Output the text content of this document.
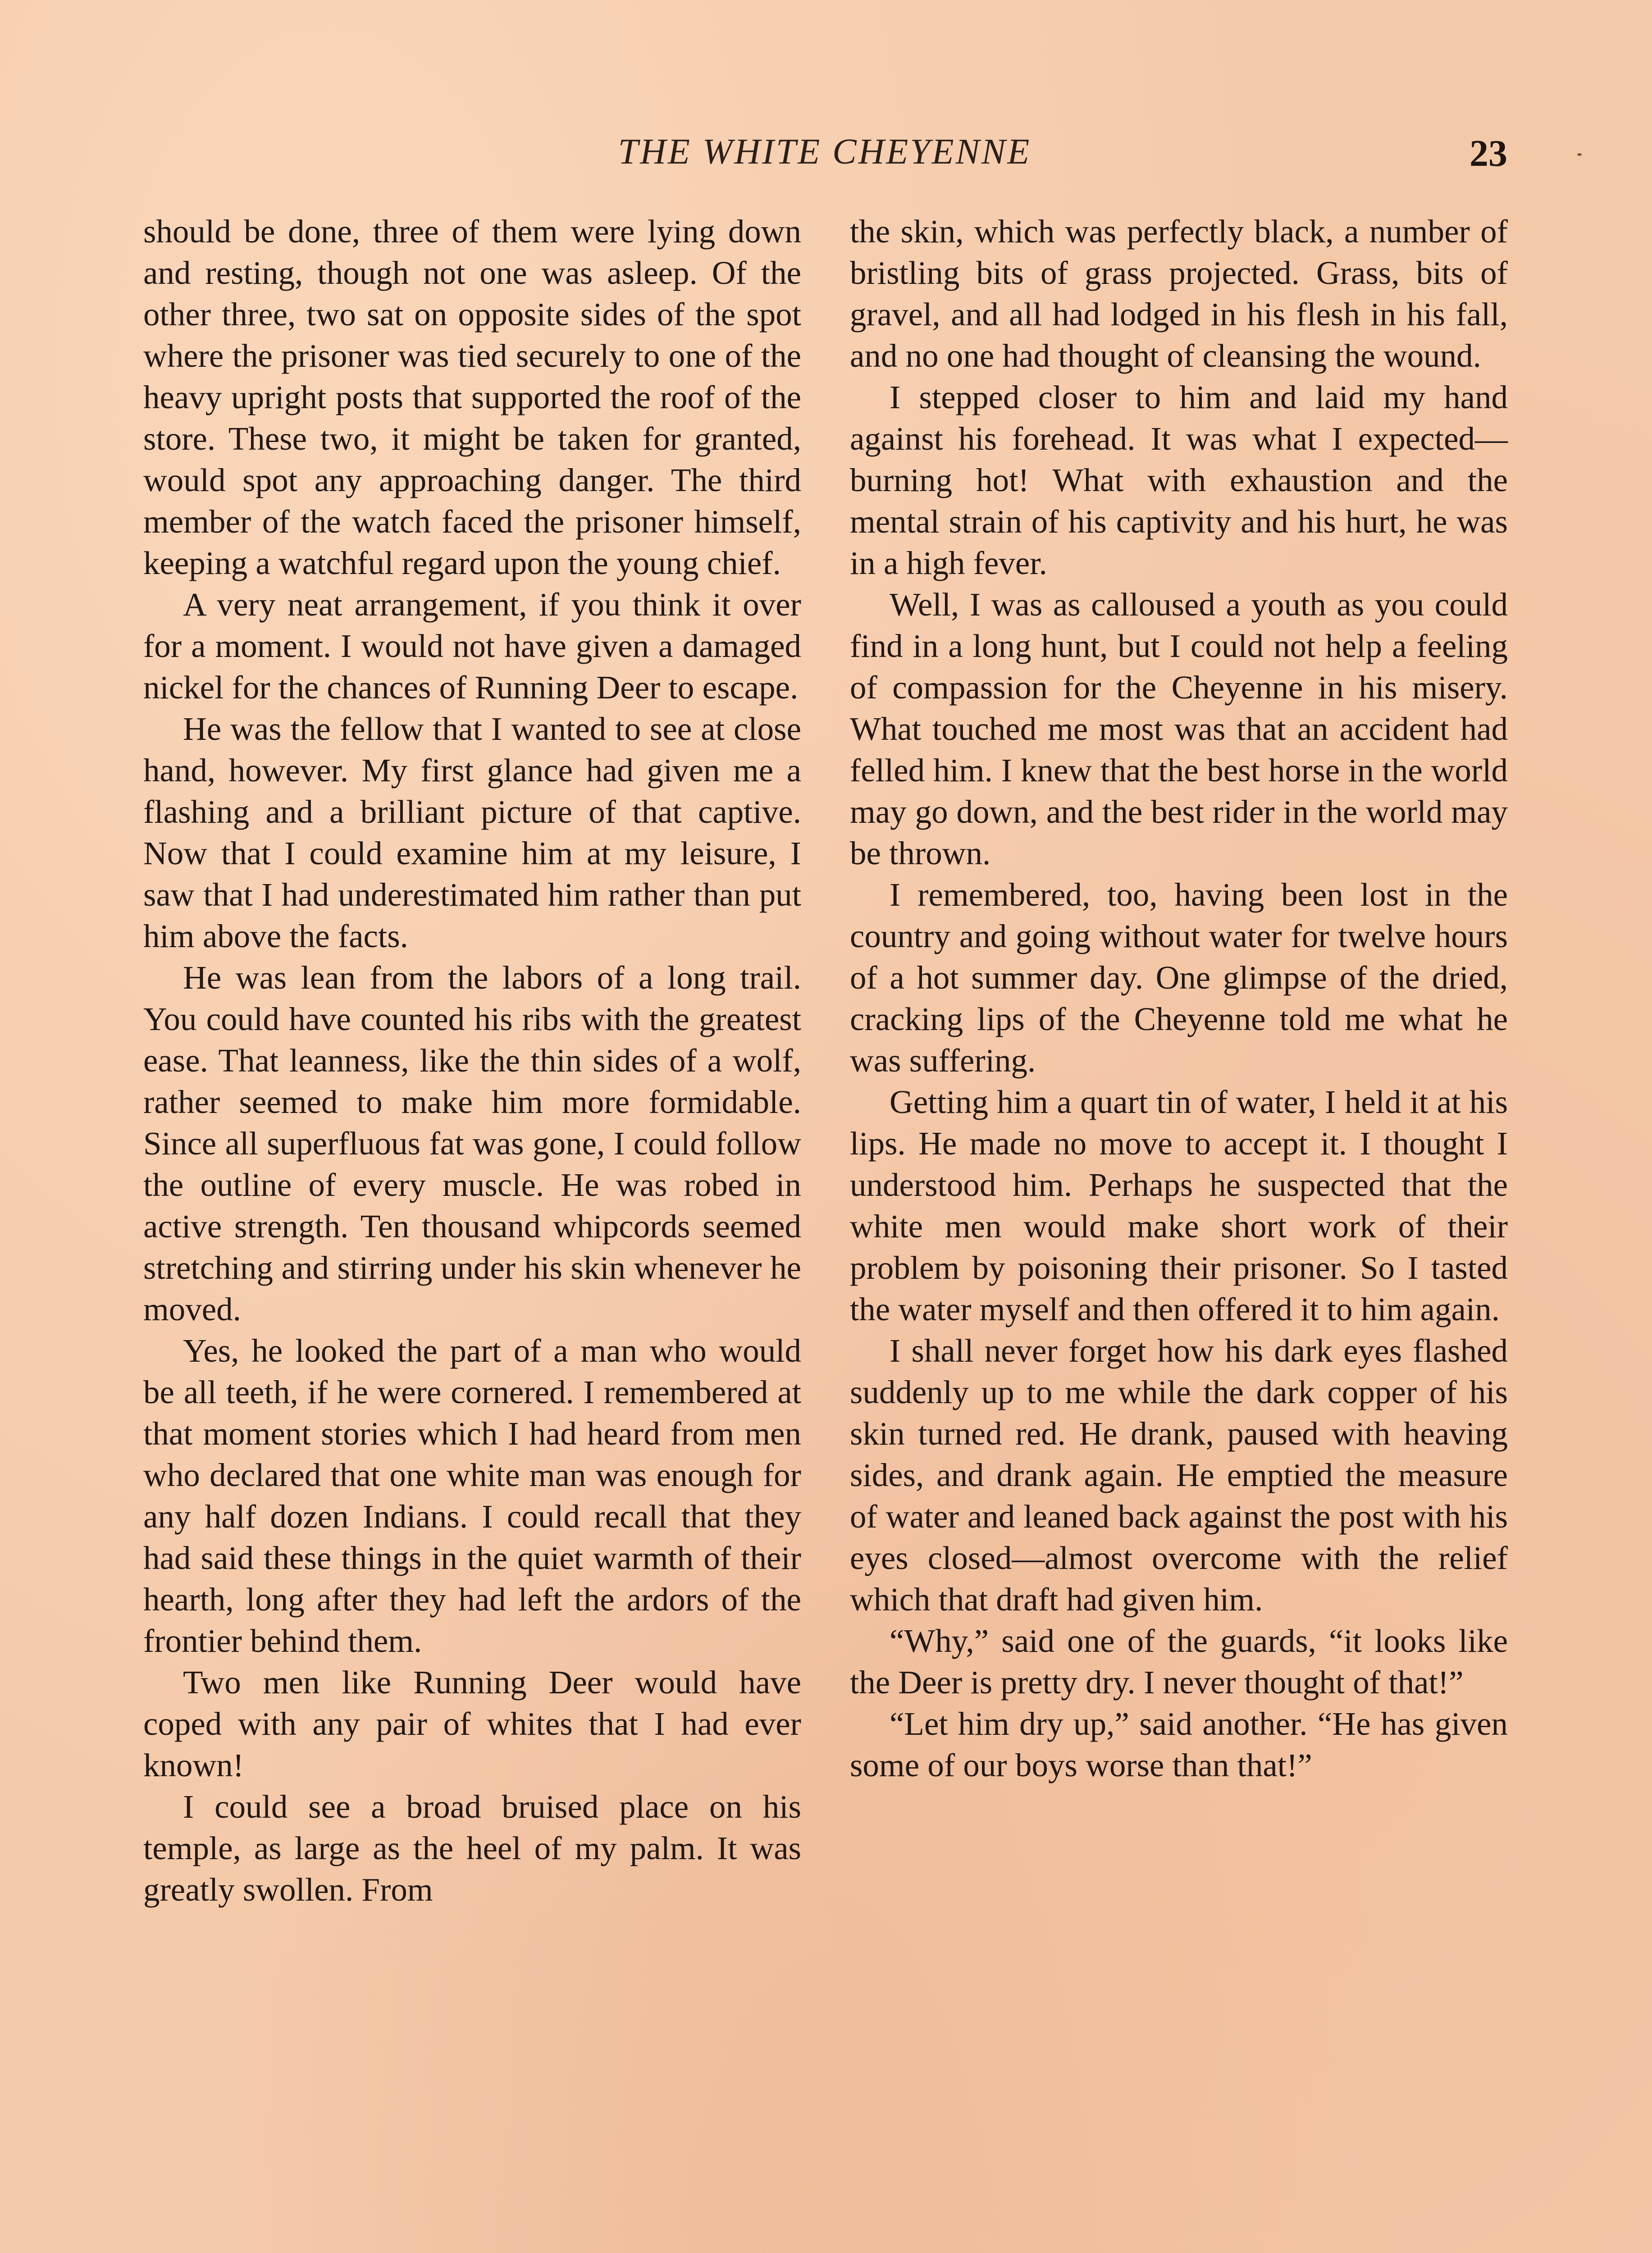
THE WHITE CHEYENNE	23

should be done, three of them were lying down and resting, though not one was asleep. Of the other three, two sat on opposite sides of the spot where the prisoner was tied securely to one of the heavy upright posts that supported the roof of the store. These two, it might be taken for granted, would spot any approaching danger. The third member of the watch faced the prisoner himself, keeping a watchful regard upon the young chief.

A very neat arrangement, if you think it over for a moment. I would not have given a damaged nickel for the chances of Running Deer to escape.

He was the fellow that I wanted to see at close hand, however. My first glance had given me a flashing and a brilliant picture of that captive. Now that I could examine him at my leisure, I saw that I had underestimated him rather than put him above the facts.

He was lean from the labors of a long trail. You could have counted his ribs with the greatest ease. That leanness, like the thin sides of a wolf, rather seemed to make him more formidable. Since all superfluous fat was gone, I could follow the outline of every muscle. He was robed in active strength. Ten thousand whipcords seemed stretching and stirring under his skin whenever he moved.

Yes, he looked the part of a man who would be all teeth, if he were cornered. I remembered at that moment stories which I had heard from men who declared that one white man was enough for any half dozen Indians. I could recall that they had said these things in the quiet warmth of their hearth, long after they had left the ardors of the frontier behind them.

Two men like Running Deer would have coped with any pair of whites that I had ever known!

I could see a broad bruised place on his temple, as large as the heel of my palm. It was greatly swollen. From

the skin, which was perfectly black, a number of bristling bits of grass projected. Grass, bits of gravel, and all had lodged in his flesh in his fall, and no one had thought of cleansing the wound.

I stepped closer to him and laid my hand against his forehead. It was what I expected—burning hot! What with exhaustion and the mental strain of his captivity and his hurt, he was in a high fever.

Well, I was as calloused a youth as you could find in a long hunt, but I could not help a feeling of compassion for the Cheyenne in his misery. What touched me most was that an accident had felled him. I knew that the best horse in the world may go down, and the best rider in the world may be thrown.

I remembered, too, having been lost in the country and going without water for twelve hours of a hot summer day. One glimpse of the dried, cracking lips of the Cheyenne told me what he was suffering.

Getting him a quart tin of water, I held it at his lips. He made no move to accept it. I thought I understood him. Perhaps he suspected that the white men would make short work of their problem by poisoning their prisoner. So I tasted the water myself and then offered it to him again.

I shall never forget how his dark eyes flashed suddenly up to me while the dark copper of his skin turned red. He drank, paused with heaving sides, and drank again. He emptied the measure of water and leaned back against the post with his eyes closed—almost overcome with the relief which that draft had given him.

“Why,” said one of the guards, “it looks like the Deer is pretty dry. I never thought of that!”

“Let him dry up,” said another. “He has given some of our boys worse than that!”
